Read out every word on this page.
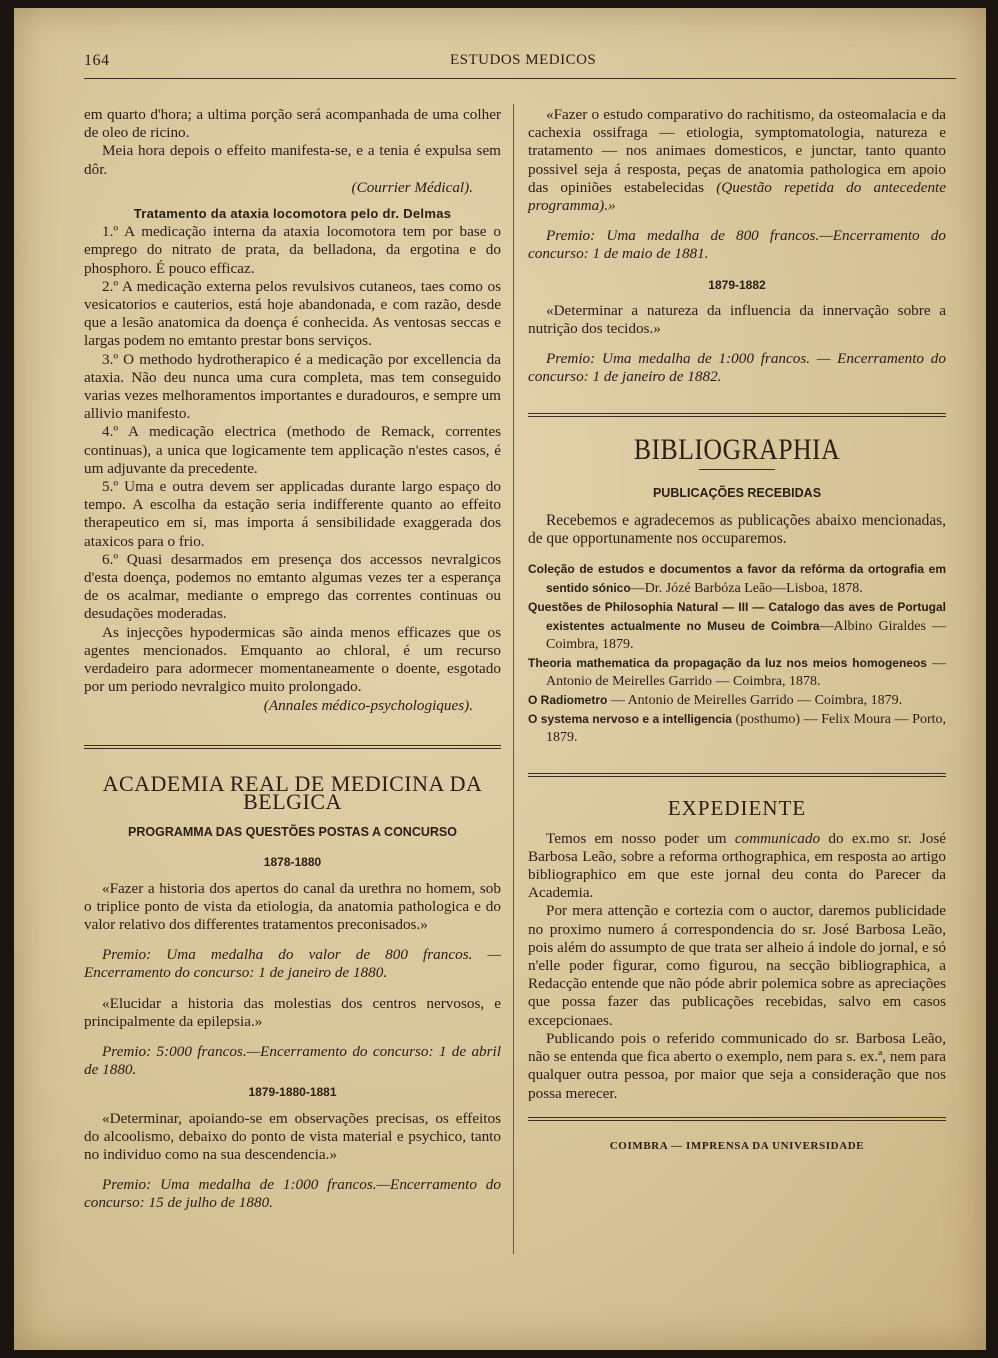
164	ESTUDOS MEDICOS

em quarto d'hora; a ultima porção será acompanhada de uma colher de oleo de ricino.

Meia hora depois o effeito manifesta-se, e a tenia é expulsa sem dôr.

(Courrier Médical).

Tratamento da ataxia locomotora pelo dr. Delmas

1.º A medicação interna da ataxia locomotora tem por base o emprego do nitrato de prata, da belladona, da ergotina e do phosphoro. É pouco efficaz.

2.º A medicação externa pelos revulsivos cutaneos, taes como os vesicatorios e cauterios, está hoje abandonada, e com razão, desde que a lesão anatomica da doença é conhecida. As ventosas seccas e largas podem no emtanto prestar bons serviços.

3.º O methodo hydrotherapico é a medicação por excellencia da ataxia. Não deu nunca uma cura completa, mas tem conseguido varias vezes melhoramentos importantes e duradouros, e sempre um allivio manifesto.

4.º A medicação electrica (methodo de Remack, correntes continuas), a unica que logicamente tem applicação n'estes casos, é um adjuvante da precedente.

5.º Uma e outra devem ser applicadas durante largo espaço do tempo. A escolha da estação seria indifferente quanto ao effeito therapeutico em si, mas importa á sensibilidade exaggerada dos ataxicos para o frio.

6.º Quasi desarmados em presença dos accessos nevralgicos d'esta doença, podemos no emtanto algumas vezes ter a esperança de os acalmar, mediante o emprego das correntes continuas ou desudações moderadas.

As injecções hypodermicas são ainda menos efficazes que os agentes mencionados. Emquanto ao chloral, é um recurso verdadeiro para adormecer momentaneamente o doente, esgotado por um periodo nevralgico muito prolongado.

(Annales médico-psychologiques).

ACADEMIA REAL DE MEDICINA DA BELGICA
PROGRAMMA DAS QUESTÕES POSTAS A CONCURSO
1878-1880

«Fazer a historia dos apertos do canal da urethra no homem, sob o triplice ponto de vista da etiologia, da anatomia pathologica e do valor relativo dos differentes tratamentos preconisados.»

Premio: Uma medalha do valor de 800 francos. — Encerramento do concurso: 1 de janeiro de 1880.

«Elucidar a historia das molestias dos centros nervosos, e principalmente da epilepsia.»

Premio: 5:000 francos.—Encerramento do concurso: 1 de abril de 1880.

1879-1880-1881

«Determinar, apoiando-se em observações precisas, os effeitos do alcoolismo, debaixo do ponto de vista material e psychico, tanto no individuo como na sua descendencia.»

Premio: Uma medalha de 1:000 francos.—Encerramento do concurso: 15 de julho de 1880.

«Fazer o estudo comparativo do rachitismo, da osteomalacia e da cachexia ossifraga — etiologia, symptomatologia, natureza e tratamento — nos animaes domesticos, e junctar, tanto quanto possivel seja á resposta, peças de anatomia pathologica em apoio das opiniões estabelecidas (Questão repetida do antecedente programma).»

Premio: Uma medalha de 800 francos.—Encerramento do concurso: 1 de maio de 1881.

1879-1882

«Determinar a natureza da influencia da innervação sobre a nutrição dos tecidos.»

Premio: Uma medalha de 1:000 francos. — Encerramento do concurso: 1 de janeiro de 1882.

BIBLIOGRAPHIA
PUBLICAÇÕES RECEBIDAS

Recebemos e agradecemos as publicações abaixo mencionadas, de que opportunamente nos occuparemos.

Coleção de estudos e documentos a favor da refórma da ortografia em sentido sónico—Dr. Józé Barbóza Leão—Lisboa, 1878.

Questões de Philosophia Natural — III — Catalogo das aves de Portugal existentes actualmente no Museu de Coimbra—Albino Giraldes — Coimbra, 1879.

Theoria mathematica da propagação da luz nos meios homogeneos — Antonio de Meirelles Garrido — Coimbra, 1878.

O Radiometro — Antonio de Meirelles Garrido — Coimbra, 1879.

O systema nervoso e a intelligencia (posthumo) — Felix Moura — Porto, 1879.

EXPEDIENTE

Temos em nosso poder um communicado do ex.mo sr. José Barbosa Leão, sobre a reforma orthographica, em resposta ao artigo bibliographico em que este jornal deu conta do Parecer da Academia.

Por mera attenção e cortezia com o auctor, daremos publicidade no proximo numero á correspondencia do sr. José Barbosa Leão, pois além do assumpto de que trata ser alheio á indole do jornal, e só n'elle poder figurar, como figurou, na secção bibliographica, a Redacção entende que não póde abrir polemica sobre as apreciações que possa fazer das publicações recebidas, salvo em casos excepcionaes.

Publicando pois o referido communicado do sr. Barbosa Leão, não se entenda que fica aberto o exemplo, nem para s. ex.ª, nem para qualquer outra pessoa, por maior que seja a consideração que nos possa merecer.

COIMBRA — IMPRENSA DA UNIVERSIDADE
